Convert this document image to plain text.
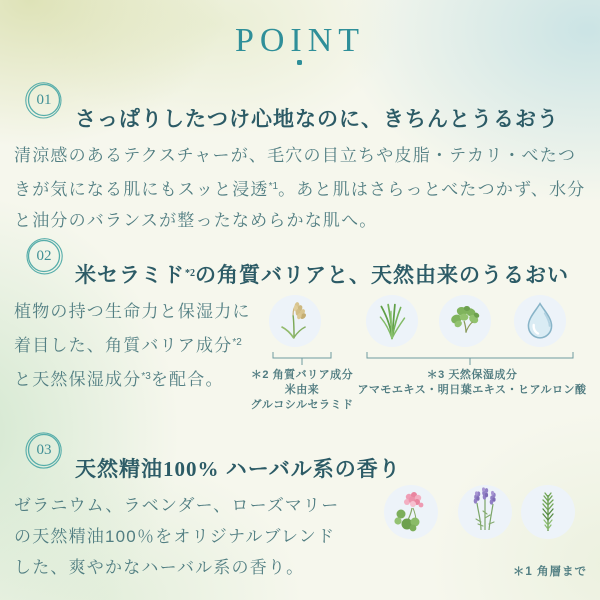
POINT
01
さっぱりしたつけ心地なのに、きちんとうるおう

清涼感のあるテクスチャーが、毛穴の目立ちや皮脂・テカリ・べたつきが気になる肌にもスッと浸透$^{*1}$。あと肌はさらっとべたつかず、水分と油分のバランスが整ったなめらかな肌へ。

02
米セラミド$^{*2}$の角質バリアと、天然由来のうるおい

植物の持つ生命力と保湿力に着目した、角質バリア成分$^{*2}$と天然保湿成分$^{*3}$を配合。	＊2 角質バリア成分
米由来
グルコシルセラミド
＊3 天然保湿成分
アマモエキス・明日葉エキス・ヒアルロン酸
03
天然精油100% ハーバル系の香り

ゼラニウム、ラベンダー、ローズマリーの天然精油100％をオリジナルブレンドした、爽やかなハーバル系の香り。	＊1 角層まで
